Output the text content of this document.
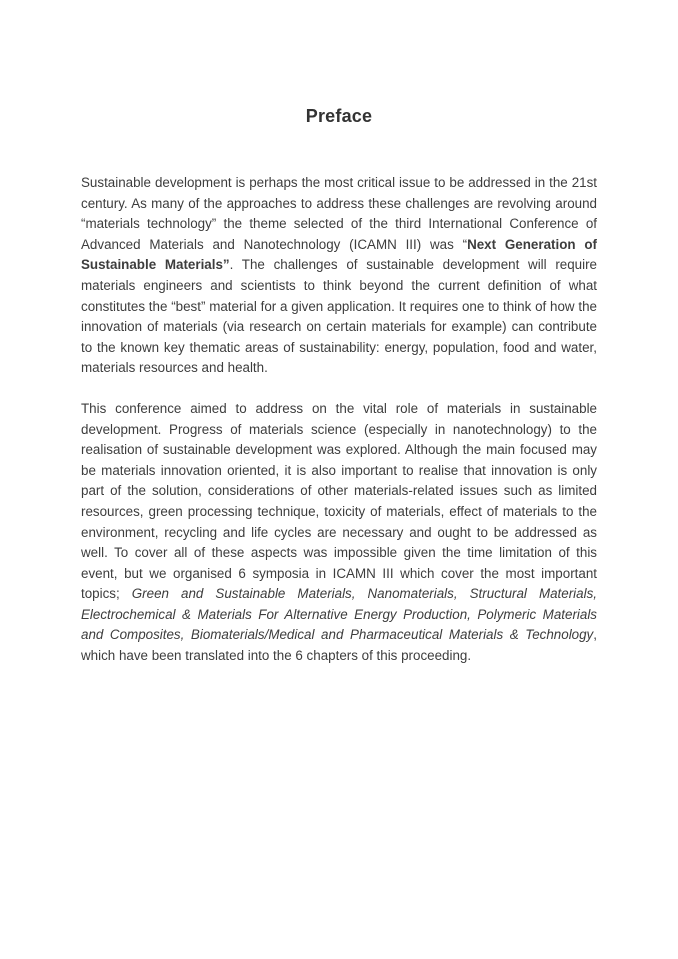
Preface

Sustainable development is perhaps the most critical issue to be addressed in the 21st century. As many of the approaches to address these challenges are revolving around “materials technology” the theme selected of the third International Conference of Advanced Materials and Nanotechnology (ICAMN III) was “Next Generation of Sustainable Materials”. The challenges of sustainable development will require materials engineers and scientists to think beyond the current definition of what constitutes the “best” material for a given application. It requires one to think of how the innovation of materials (via research on certain materials for example) can contribute to the known key thematic areas of sustainability: energy, population, food and water, materials resources and health.

This conference aimed to address on the vital role of materials in sustainable development. Progress of materials science (especially in nanotechnology) to the realisation of sustainable development was explored. Although the main focused may be materials innovation oriented, it is also important to realise that innovation is only part of the solution, considerations of other materials-related issues such as limited resources, green processing technique, toxicity of materials, effect of materials to the environment, recycling and life cycles are necessary and ought to be addressed as well. To cover all of these aspects was impossible given the time limitation of this event, but we organised 6 symposia in ICAMN III which cover the most important topics; Green and Sustainable Materials, Nanomaterials, Structural Materials, Electrochemical & Materials For Alternative Energy Production, Polymeric Materials and Composites, Biomaterials/Medical and Pharmaceutical Materials & Technology, which have been translated into the 6 chapters of this proceeding.
